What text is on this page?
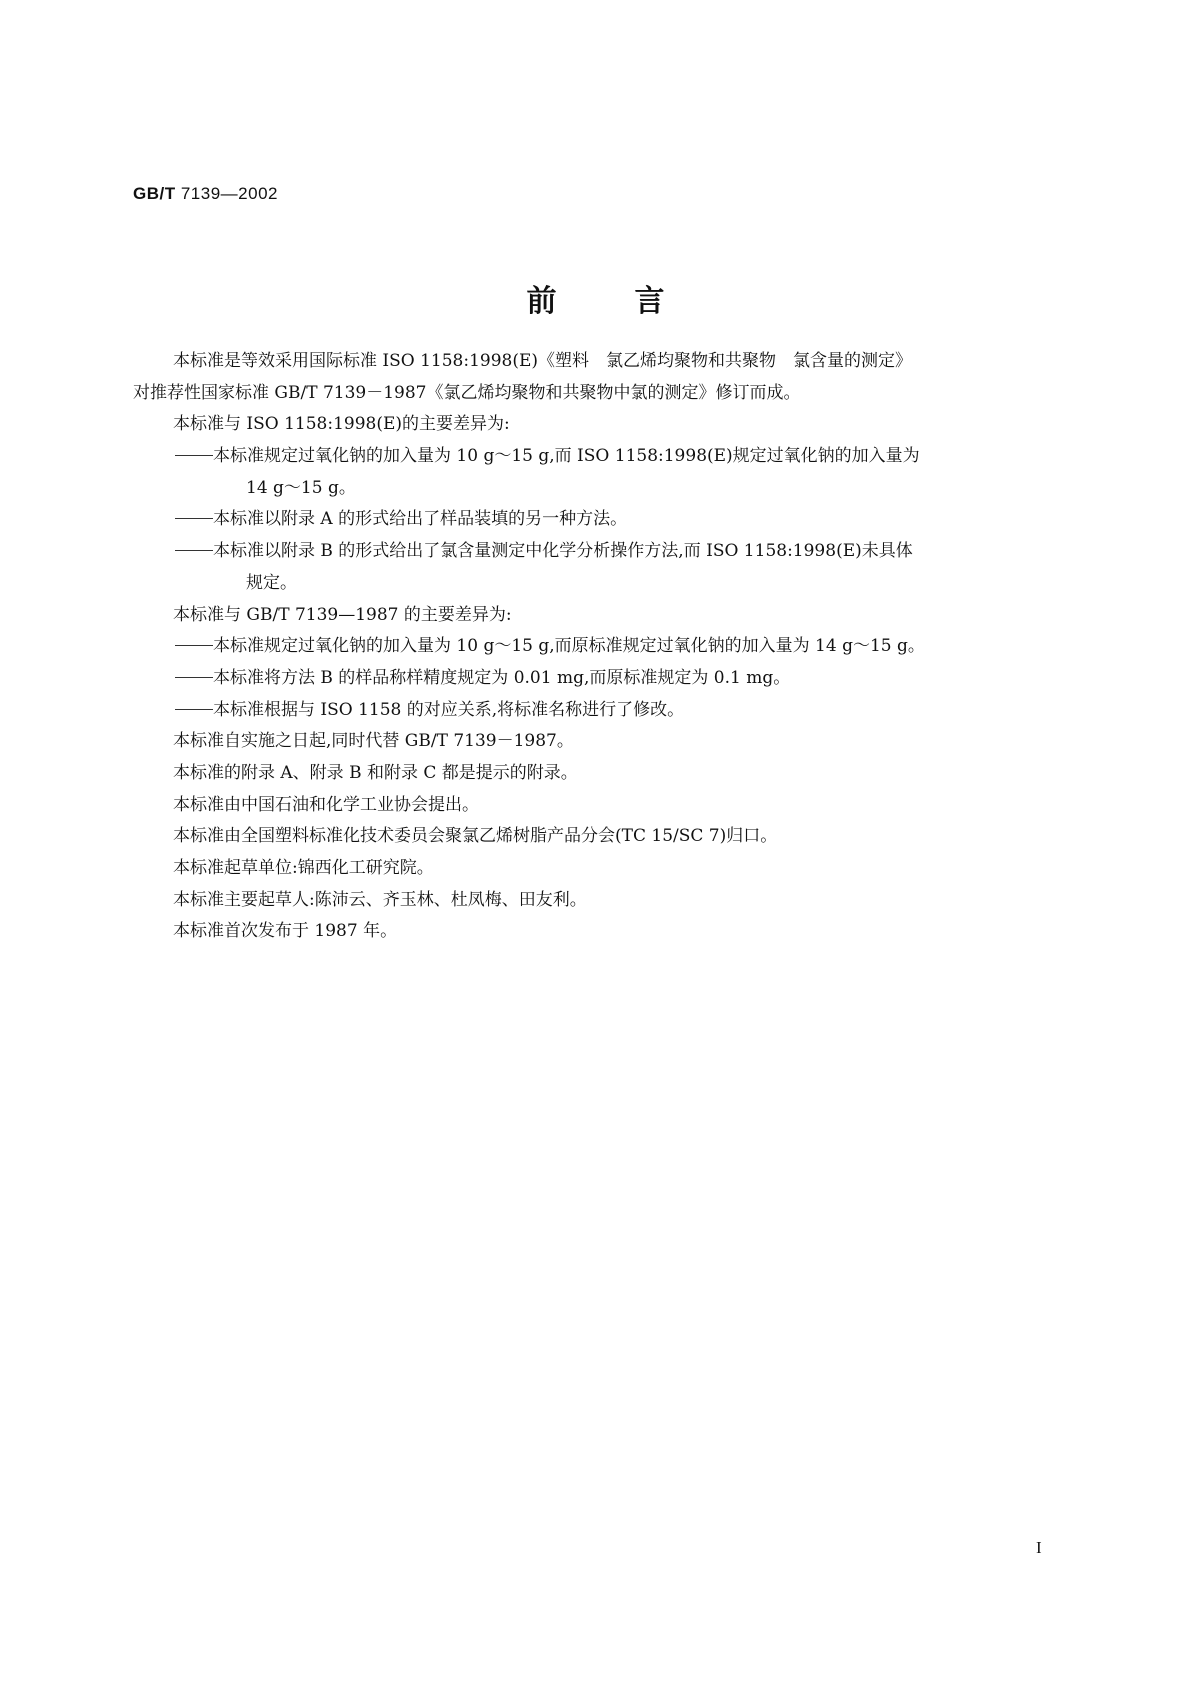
GB/T 7139—2002
前言
本标准是等效采用国际标准 ISO 1158:1998(E)《塑料　氯乙烯均聚物和共聚物　氯含量的测定》
对推荐性国家标准 GB/T 7139－1987《氯乙烯均聚物和共聚物中氯的测定》修订而成。
本标准与 ISO 1158:1998(E)的主要差异为:
本标准规定过氧化钠的加入量为 10 g～15 g,而 ISO 1158:1998(E)规定过氧化钠的加入量为
14 g～15 g。
本标准以附录 A 的形式给出了样品装填的另一种方法。
本标准以附录 B 的形式给出了氯含量测定中化学分析操作方法,而 ISO 1158:1998(E)未具体
规定。
本标准与 GB/T 7139—1987 的主要差异为:
本标准规定过氧化钠的加入量为 10 g～15 g,而原标准规定过氧化钠的加入量为 14 g～15 g。
本标准将方法 B 的样品称样精度规定为 0.01 mg,而原标准规定为 0.1 mg。
本标准根据与 ISO 1158 的对应关系,将标准名称进行了修改。
本标准自实施之日起,同时代替 GB/T 7139－1987。
本标准的附录 A、附录 B 和附录 C 都是提示的附录。
本标准由中国石油和化学工业协会提出。
本标准由全国塑料标准化技术委员会聚氯乙烯树脂产品分会(TC 15/SC 7)归口。
本标准起草单位:锦西化工研究院。
本标准主要起草人:陈沛云、齐玉林、杜凤梅、田友利。
本标准首次发布于 1987 年。
I
